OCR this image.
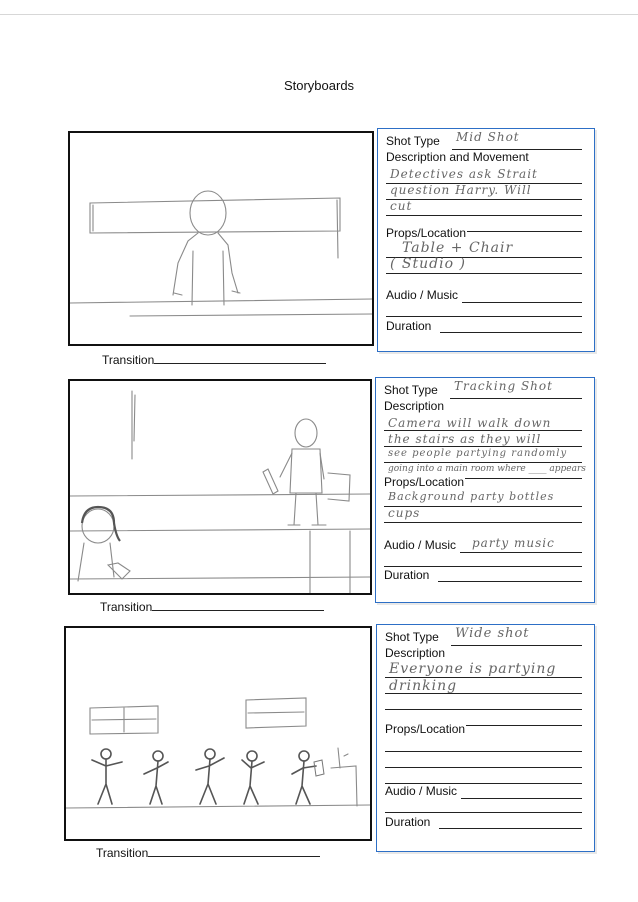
Storyboards
Shot Type	Mid Shot
Description and Movement
Detectives ask Strait
question Harry. Will
cut
Props/Location
Table + Chair
( Studio )
Audio / Music
Duration
Transition
Shot Type	Tracking Shot
Description
Camera will walk down
the stairs as they will
see people partying randomly
going into a main room where ____ appears
Props/Location
Background party bottles
cups
Audio / Music	party music
Duration
Transition
Shot Type	Wide shot
Description
Everyone is partying
drinking
Props/Location
Audio / Music
Duration
Transition
